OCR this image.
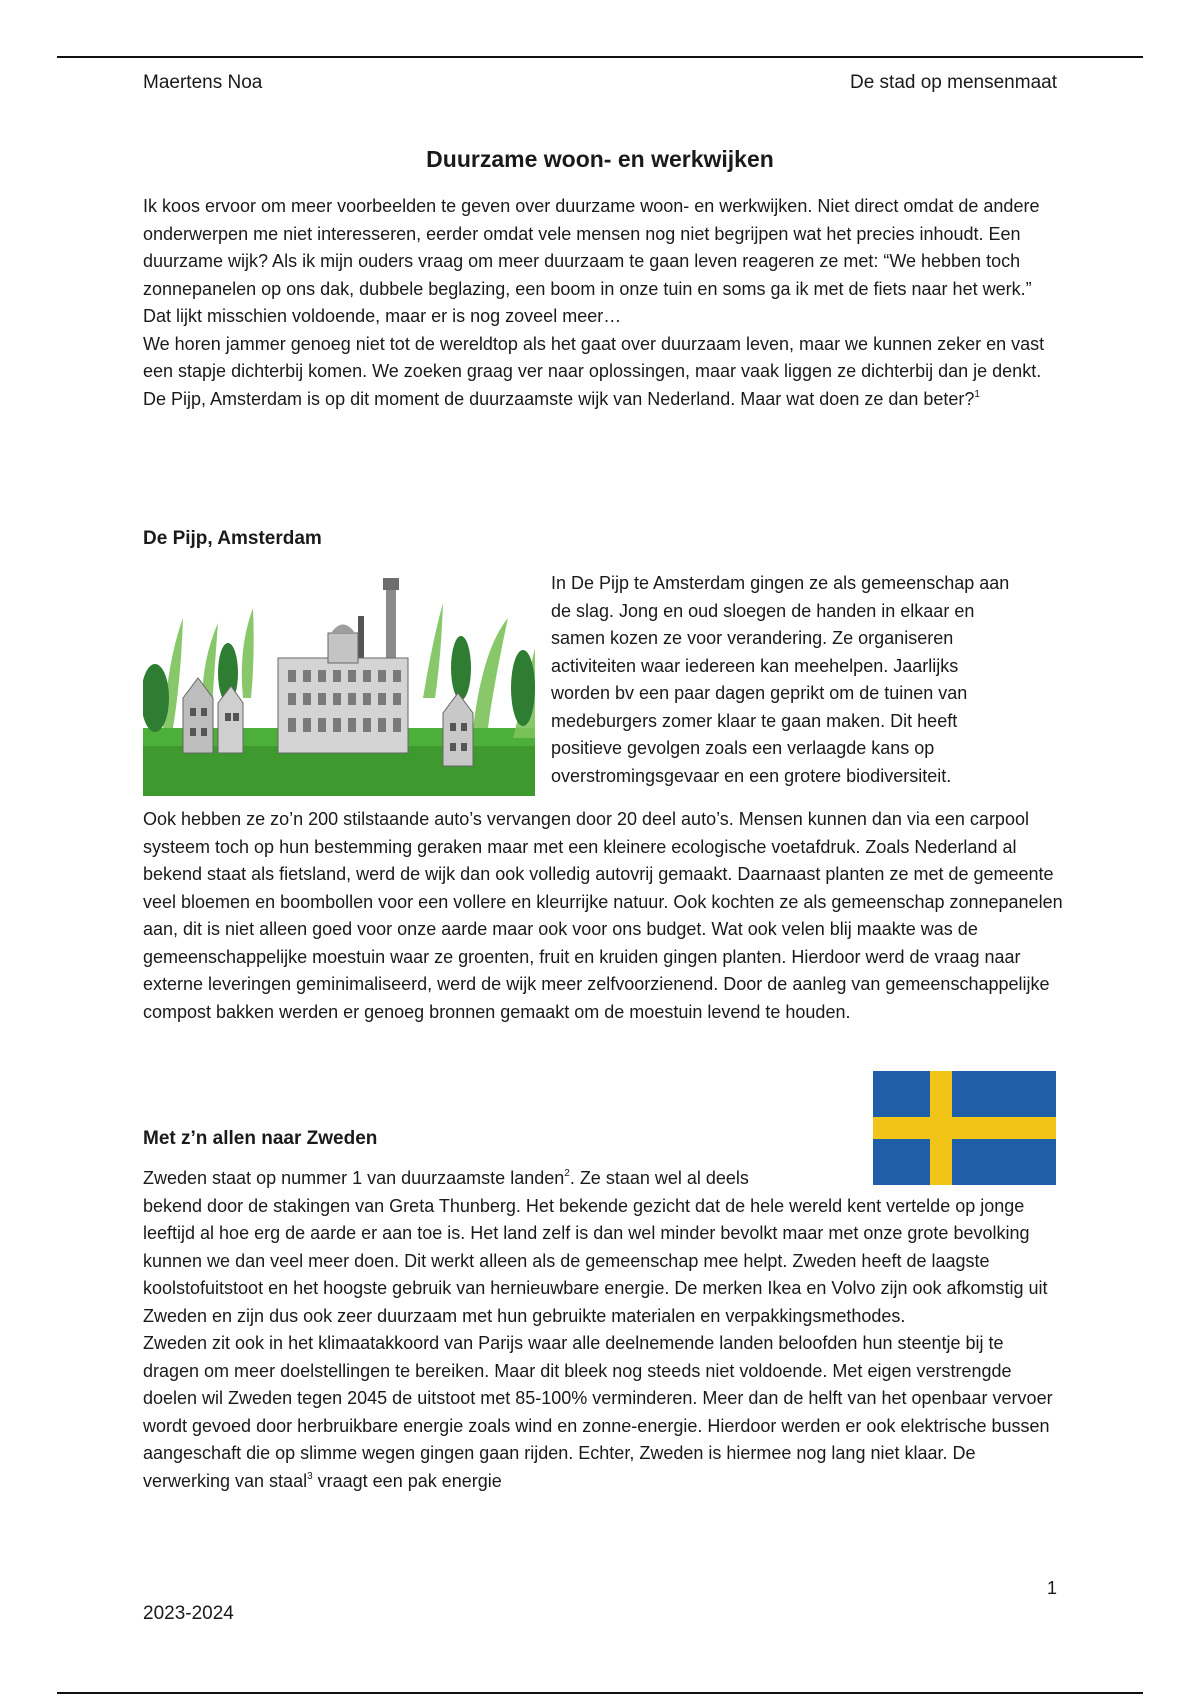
Maertens Noa	De stad op mensenmaat
Duurzame woon- en werkwijken

Ik koos ervoor om meer voorbeelden te geven over duurzame woon- en werkwijken. Niet direct omdat de andere onderwerpen me niet interesseren, eerder omdat vele mensen nog niet begrijpen wat het precies inhoudt. Een duurzame wijk? Als ik mijn ouders vraag om meer duurzaam te gaan leven reageren ze met: “We hebben toch zonnepanelen op ons dak, dubbele beglazing, een boom in onze tuin en soms ga ik met de fiets naar het werk.”

Dat lijkt misschien voldoende, maar er is nog zoveel meer…

We horen jammer genoeg niet tot de wereldtop als het gaat over duurzaam leven, maar we kunnen zeker en vast een stapje dichterbij komen. We zoeken graag ver naar oplossingen, maar vaak liggen ze dichterbij dan je denkt. De Pijp, Amsterdam is op dit moment de duurzaamste wijk van Nederland. Maar wat doen ze dan beter?$^1$

De Pijp, Amsterdam

In De Pijp te Amsterdam gingen ze als gemeenschap aan

de slag. Jong en oud sloegen de handen in elkaar en

samen kozen ze voor verandering. Ze organiseren

activiteiten waar iedereen kan meehelpen. Jaarlijks

worden bv een paar dagen geprikt om de tuinen van

medeburgers zomer klaar te gaan maken. Dit heeft

positieve gevolgen zoals een verlaagde kans op

overstromingsgevaar en een grotere biodiversiteit.

Ook hebben ze zo’n 200 stilstaande auto’s vervangen door 20 deel auto’s. Mensen kunnen dan via een carpool systeem toch op hun bestemming geraken maar met een kleinere ecologische voetafdruk. Zoals Nederland al bekend staat als fietsland, werd de wijk dan ook volledig autovrij gemaakt. Daarnaast planten ze met de gemeente veel bloemen en boombollen voor een vollere en kleurrijke natuur. Ook kochten ze als gemeenschap zonnepanelen aan, dit is niet alleen goed voor onze aarde maar ook voor ons budget. Wat ook velen blij maakte was de gemeenschappelijke moestuin waar ze groenten, fruit en kruiden gingen planten. Hierdoor werd de vraag naar externe leveringen geminimaliseerd, werd de wijk meer zelfvoorzienend. Door de aanleg van gemeenschappelijke compost bakken werden er genoeg bronnen gemaakt om de moestuin levend te houden.

Met z’n allen naar Zweden

Zweden staat op nummer 1 van duurzaamste landen$^2$. Ze staan wel al deels
bekend door de stakingen van Greta Thunberg. Het bekende gezicht dat de hele wereld kent vertelde op jonge leeftijd al hoe erg de aarde er aan toe is. Het land zelf is dan wel minder bevolkt maar met onze grote bevolking kunnen we dan veel meer doen. Dit werkt alleen als de gemeenschap mee helpt. Zweden heeft de laagste koolstofuitstoot en het hoogste gebruik van hernieuwbare energie. De merken Ikea en Volvo zijn ook afkomstig uit Zweden en zijn dus ook zeer duurzaam met hun gebruikte materialen en verpakkingsmethodes.

Zweden zit ook in het klimaatakkoord van Parijs waar alle deelnemende landen beloofden hun steentje bij te dragen om meer doelstellingen te bereiken. Maar dit bleek nog steeds niet voldoende. Met eigen verstrengde doelen wil Zweden tegen 2045 de uitstoot met 85-100% verminderen. Meer dan de helft van het openbaar vervoer wordt gevoed door herbruikbare energie zoals wind en zonne-energie. Hierdoor werden er ook elektrische bussen aangeschaft die op slimme wegen gingen gaan rijden. Echter, Zweden is hiermee nog lang niet klaar. De verwerking van staal$^3$ vraagt een pak energie

1
2023-2024
